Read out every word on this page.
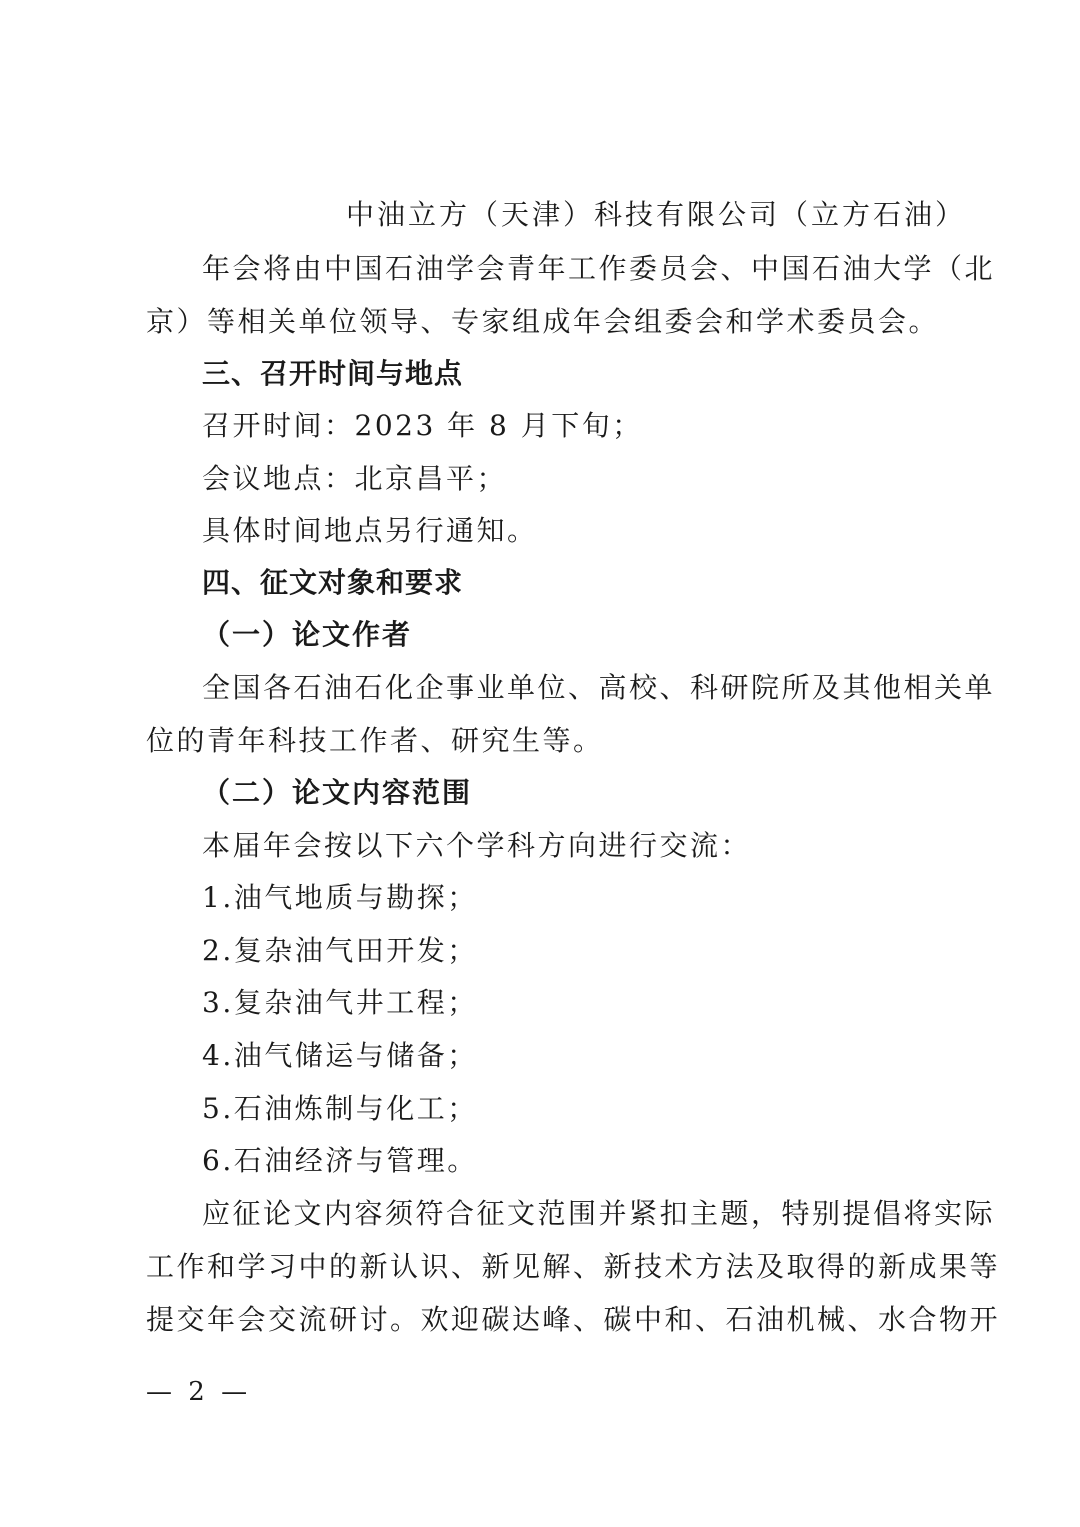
中油立方（天津）科技有限公司（立方石油）
年会将由中国石油学会青年工作委员会、中国石油大学（北
京）等相关单位领导、专家组成年会组委会和学术委员会。
三、召开时间与地点
召开时间：2023 年 8 月下旬；
会议地点：北京昌平；
具体时间地点另行通知。
四、征文对象和要求
（一）论文作者
全国各石油石化企事业单位、高校、科研院所及其他相关单
位的青年科技工作者、研究生等。
（二）论文内容范围
本届年会按以下六个学科方向进行交流：
1.油气地质与勘探；
2.复杂油气田开发；
3.复杂油气井工程；
4.油气储运与储备；
5.石油炼制与化工；
6.石油经济与管理。
应征论文内容须符合征文范围并紧扣主题，特别提倡将实际
工作和学习中的新认识、新见解、新技术方法及取得的新成果等
提交年会交流研讨。欢迎碳达峰、碳中和、石油机械、水合物开
— 2 —
